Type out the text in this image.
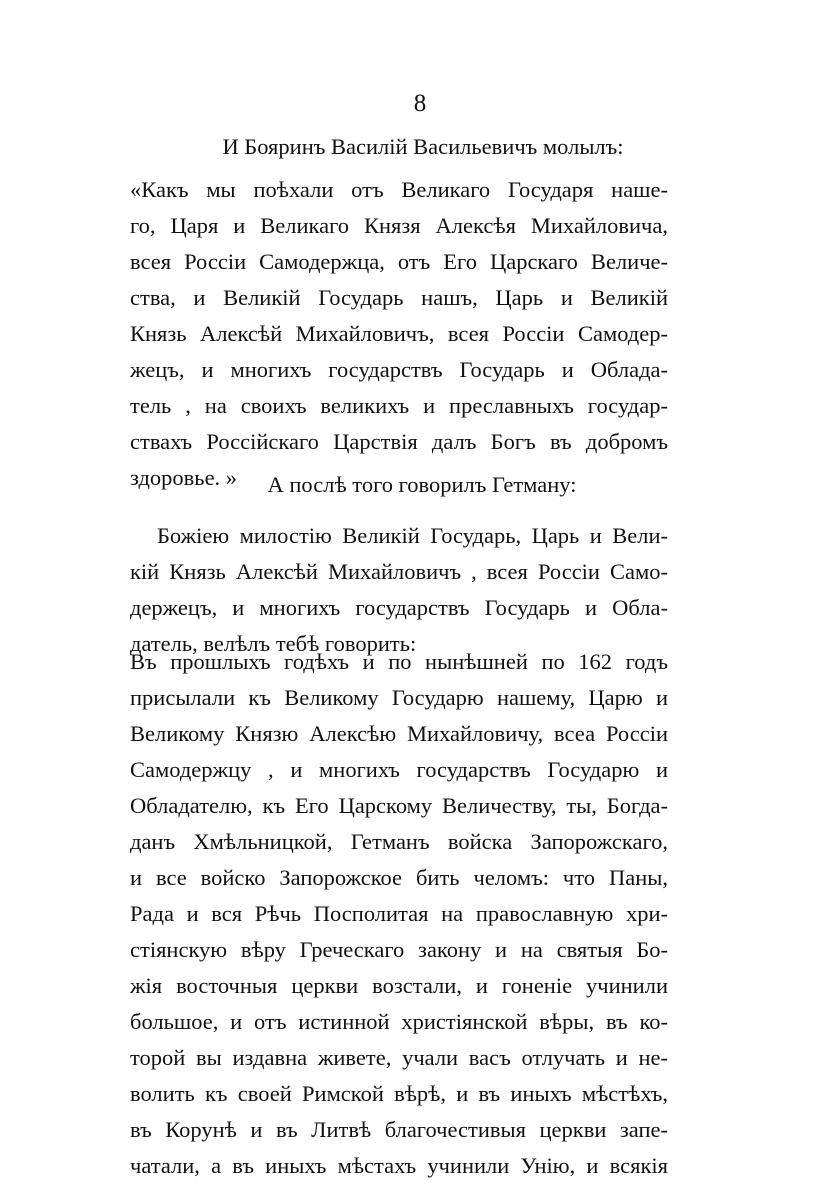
8
И Бояринъ Василій Васильевичъ молылъ:
«Какъ мы поѣхали отъ Великаго Государя наше-
го, Царя и Великаго Князя Алексѣя Михайловича,
всея Россіи Самодержца, отъ Его Царскаго Величе-
ства, и Великій Государь нашъ, Царь и Великій
Князь Алексѣй Михайловичъ, всея Россіи Самодер-
жецъ, и многихъ государствъ Государь и Облада-
тель , на своихъ великихъ и преславныхъ государ-
ствахъ Россійскаго Царствія далъ Богъ въ добромъ
здоровье. »	А послѣ того говорилъ Гетману:
Божіею милостію Великій Государь, Царь и Вели-
кій Князь Алексѣй Михайловичъ , всея Россіи Само-
держецъ, и многихъ государствъ Государь и Обла-
датель, велѣлъ тебѣ говорить:
Въ прошлыхъ годѣхъ и по нынѣшней по 162 годъ
присылали къ Великому Государю нашему, Царю и
Великому Князю Алексѣю Михайловичу, всеа Россіи
Самодержцу , и многихъ государствъ Государю и
Обладателю, къ Его Царскому Величеству, ты, Богда-
данъ Хмѣльницкой, Гетманъ войска Запорожскаго,
и все войско Запорожское бить челомъ: что Паны,
Рада и вся Рѣчь Посполитая на православную хри-
стіянскую вѣру Греческаго закону и на святыя Бо-
жія восточныя церкви возстали, и гоненіе учинили
большое, и отъ истинной христіянской вѣры, въ ко-
торой вы издавна живете, учали васъ отлучать и не-
волить къ своей Римской вѣрѣ, и въ иныхъ мѣстѣхъ,
въ Корунѣ и въ Литвѣ благочестивыя церкви запе-
чатали, а въ иныхъ мѣстахъ учинили Унію, и всякія
